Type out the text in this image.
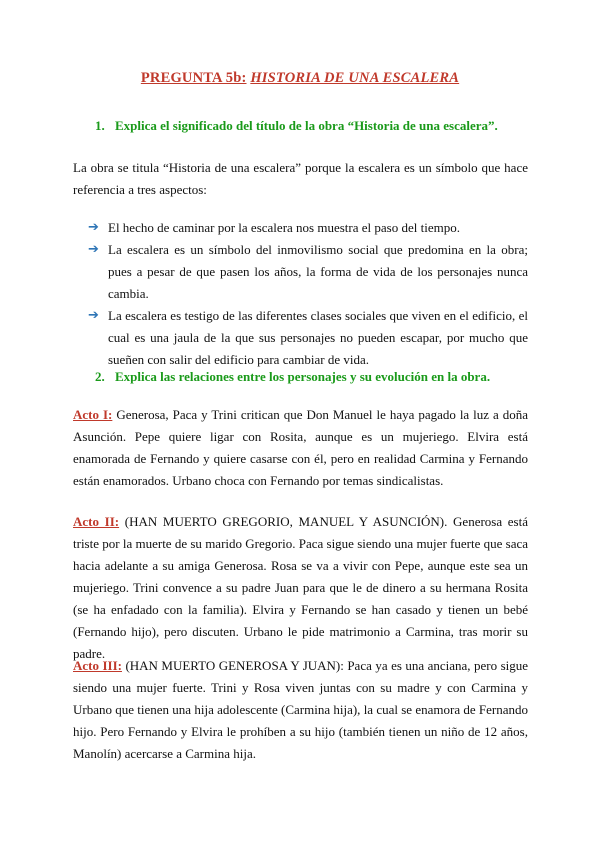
PREGUNTA 5b: HISTORIA DE UNA ESCALERA
1. Explica el significado del título de la obra “Historia de una escalera”.
La obra se titula “Historia de una escalera” porque la escalera es un símbolo que hace referencia a tres aspectos:
➔ El hecho de caminar por la escalera nos muestra el paso del tiempo.
➔ La escalera es un símbolo del inmovilismo social que predomina en la obra; pues a pesar de que pasen los años, la forma de vida de los personajes nunca cambia.
➔ La escalera es testigo de las diferentes clases sociales que viven en el edificio, el cual es una jaula de la que sus personajes no pueden escapar, por mucho que sueñen con salir del edificio para cambiar de vida.
2. Explica las relaciones entre los personajes y su evolución en la obra.
Acto I: Generosa, Paca y Trini critican que Don Manuel le haya pagado la luz a doña Asunción. Pepe quiere ligar con Rosita, aunque es un mujeriego. Elvira está enamorada de Fernando y quiere casarse con él, pero en realidad Carmina y Fernando están enamorados. Urbano choca con Fernando por temas sindicalistas.
Acto II: (HAN MUERTO GREGORIO, MANUEL Y ASUNCIÓN). Generosa está triste por la muerte de su marido Gregorio. Paca sigue siendo una mujer fuerte que saca hacia adelante a su amiga Generosa. Rosa se va a vivir con Pepe, aunque este sea un mujeriego. Trini convence a su padre Juan para que le de dinero a su hermana Rosita (se ha enfadado con la familia). Elvira y Fernando se han casado y tienen un bebé (Fernando hijo), pero discuten. Urbano le pide matrimonio a Carmina, tras morir su padre.
Acto III: (HAN MUERTO GENEROSA Y JUAN): Paca ya es una anciana, pero sigue siendo una mujer fuerte. Trini y Rosa viven juntas con su madre y con Carmina y Urbano que tienen una hija adolescente (Carmina hija), la cual se enamora de Fernando hijo. Pero Fernando y Elvira le prohíben a su hijo (también tienen un niño de 12 años, Manolín) acercarse a Carmina hija.
